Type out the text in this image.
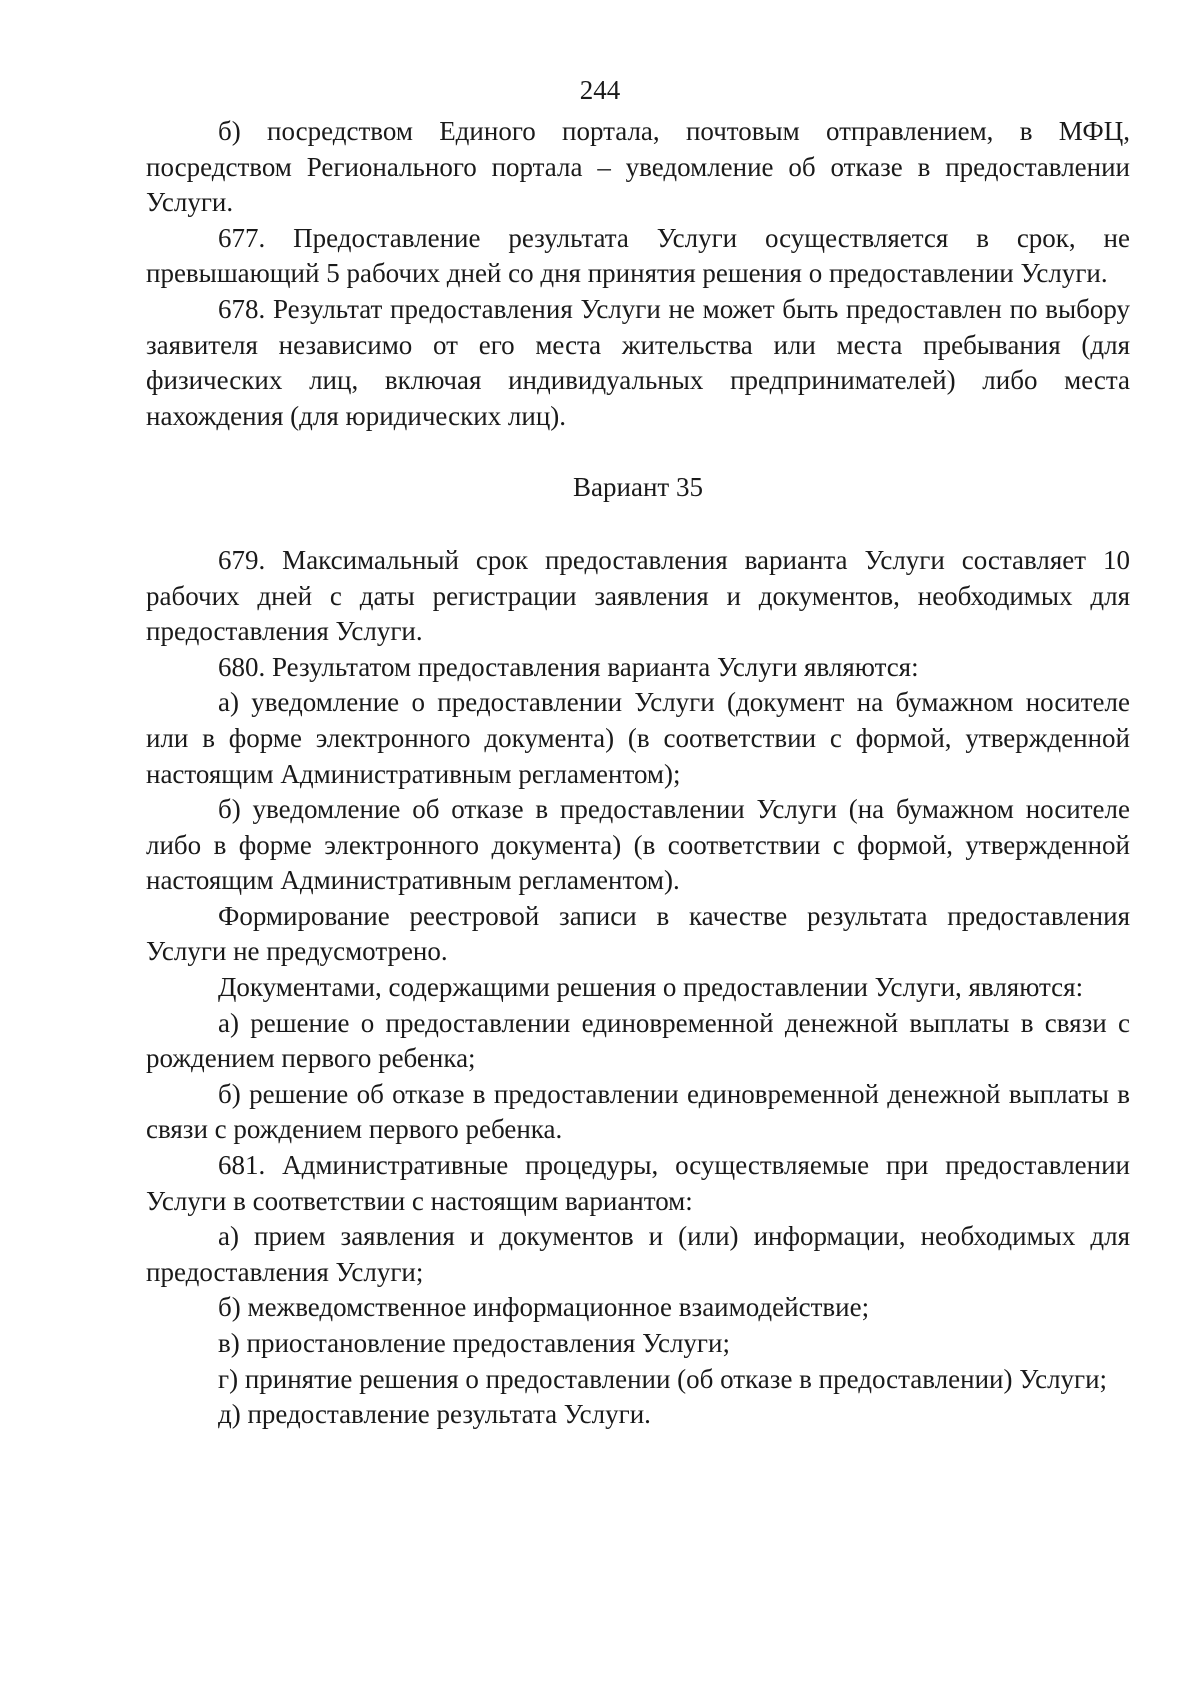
244

б) посредством Единого портала, почтовым отправлением, в МФЦ, посредством Регионального портала – уведомление об отказе в предоставлении Услуги.

677. Предоставление результата Услуги осуществляется в срок, не превышающий 5 рабочих дней со дня принятия решения о предоставлении Услуги.

678. Результат предоставления Услуги не может быть предоставлен по выбору заявителя независимо от его места жительства или места пребывания (для физических лиц, включая индивидуальных предпринимателей) либо места нахождения (для юридических лиц).

Вариант 35

679. Максимальный срок предоставления варианта Услуги составляет 10 рабочих дней с даты регистрации заявления и документов, необходимых для предоставления Услуги.

680. Результатом предоставления варианта Услуги являются:

а) уведомление о предоставлении Услуги (документ на бумажном носителе или в форме электронного документа) (в соответствии с формой, утвержденной настоящим Административным регламентом);

б) уведомление об отказе в предоставлении Услуги (на бумажном носителе либо в форме электронного документа) (в соответствии с формой, утвержденной настоящим Административным регламентом).

Формирование реестровой записи в качестве результата предоставления Услуги не предусмотрено.

Документами, содержащими решения о предоставлении Услуги, являются:

а) решение о предоставлении единовременной денежной выплаты в связи с рождением первого ребенка;

б) решение об отказе в предоставлении единовременной денежной выплаты в связи с рождением первого ребенка.

681. Административные процедуры, осуществляемые при предоставлении Услуги в соответствии с настоящим вариантом:

а) прием заявления и документов и (или) информации, необходимых для предоставления Услуги;

б) межведомственное информационное взаимодействие;

в) приостановление предоставления Услуги;

г) принятие решения о предоставлении (об отказе в предоставлении) Услуги;

д) предоставление результата Услуги.
